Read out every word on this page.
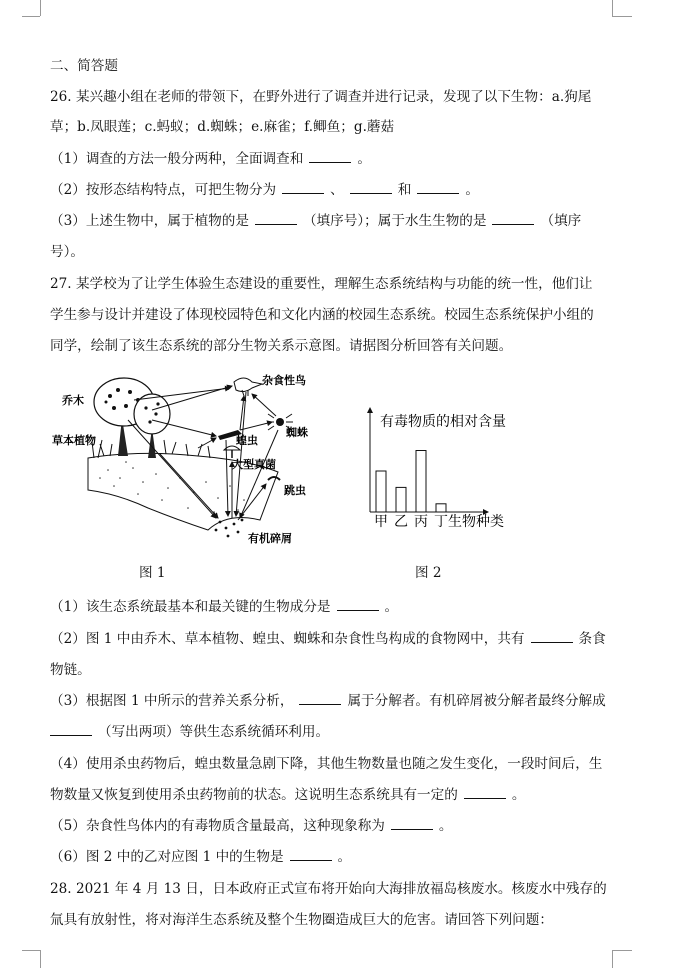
二、简答题
26. 某兴趣小组在老师的带领下，在野外进行了调查并进行记录，发现了以下生物：a.狗尾
草；b.凤眼莲；c.蚂蚁；d.蜘蛛；e.麻雀；f.鲫鱼；g.蘑菇
（1）调查的方法一般分两种，全面调查和	。
（2）按形态结构特点，可把生物分为	、	和	。
（3）上述生物中，属于植物的是	（填序号）；属于水生生物的是	（填序
号）。
27. 某学校为了让学生体验生态建设的重要性，理解生态系统结构与功能的统一性，他们让
学生参与设计并建设了体现校园特色和文化内涵的校园生态系统。校园生态系统保护小组的
同学，绘制了该生态系统的部分生物关系示意图。请据图分析回答有关问题。
乔木
草本植物
杂食性鸟
蝗虫
蜘蛛
大型真菌
跳虫
有机碎屑
有毒物质的相对含量
生物种类
甲 乙 丙 丁
图 1	图 2
（1）该生态系统最基本和最关键的生物成分是	。
（2）图 1 中由乔木、草本植物、蝗虫、蜘蛛和杂食性鸟构成的食物网中，共有	条食
物链。
（3）根据图 1 中所示的营养关系分析，	属于分解者。有机碎屑被分解者最终分解成
（写出两项）等供生态系统循环利用。
（4）使用杀虫药物后，蝗虫数量急剧下降，其他生物数量也随之发生变化，一段时间后，生
物数量又恢复到使用杀虫药物前的状态。这说明生态系统具有一定的	。
（5）杂食性鸟体内的有毒物质含量最高，这种现象称为	。
（6）图 2 中的乙对应图 1 中的生物是	。
28. 2021 年 4 月 13 日，日本政府正式宣布将开始向大海排放福岛核废水。核废水中残存的
氚具有放射性，将对海洋生态系统及整个生物圈造成巨大的危害。请回答下列问题：
